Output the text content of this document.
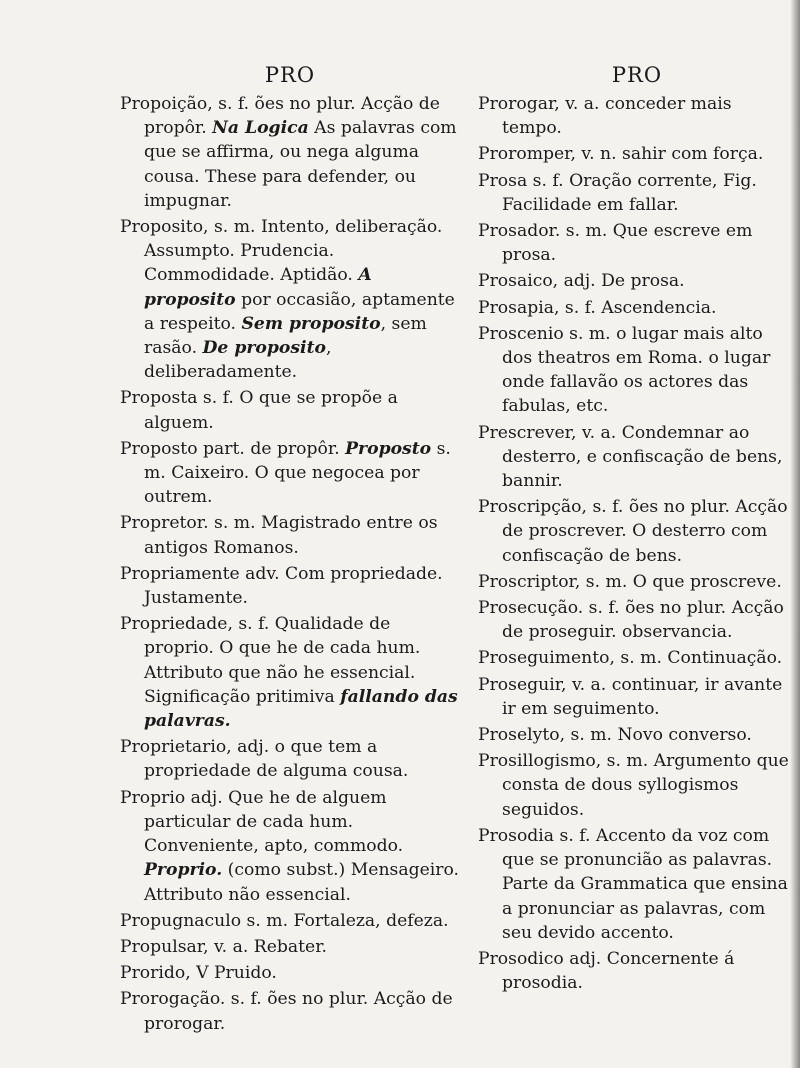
PRO

Propoição, s. f. ões no plur. Acção de propôr. Na Logica As palavras com que se affirma, ou nega alguma cousa. These para defender, ou impugnar.

Proposito, s. m. Intento, deliberação. Assumpto. Prudencia. Commodidade. Aptidão. A proposito por occasião, aptamente a respeito. Sem proposito, sem rasão. De proposito, deliberadamente.

Proposta s. f. O que se propõe a alguem.

Proposto part. de propôr. Proposto s. m. Caixeiro. O que negocea por outrem.

Propretor. s. m. Magistrado entre os antigos Romanos.

Propriamente adv. Com propriedade. Justamente.

Propriedade, s. f. Qualidade de proprio. O que he de cada hum. Attributo que não he essencial. Significação pritimiva fallando das palavras.

Proprietario, adj. o que tem a propriedade de alguma cousa.

Proprio adj. Que he de alguem particular de cada hum. Conveniente, apto, commodo. Proprio. (como subst.) Mensageiro. Attributo não essencial.

Propugnaculo s. m. Fortaleza, defeza.

Propulsar, v. a. Rebater.

Prorido, V Pruido.

Prorogação. s. f. ões no plur. Acção de prorogar.

PRO

Prorogar, v. a. conceder mais tempo.

Proromper, v. n. sahir com força.

Prosa s. f. Oração corrente, Fig. Facilidade em fallar.

Prosador. s. m. Que escreve em prosa.

Prosaico, adj. De prosa.

Prosapia, s. f. Ascendencia.

Proscenio s. m. o lugar mais alto dos theatros em Roma. o lugar onde fallavão os actores das fabulas, etc.

Prescrever, v. a. Condemnar ao desterro, e confiscação de bens, bannir.

Proscripção, s. f. ões no plur. Acção de proscrever. O desterro com confiscação de bens.

Proscriptor, s. m. O que proscreve.

Prosecução. s. f. ões no plur. Acção de proseguir. observancia.

Proseguimento, s. m. Continuação.

Proseguir, v. a. continuar, ir avante ir em seguimento.

Proselyto, s. m. Novo converso.

Prosillogismo, s. m. Argumento que consta de dous syllogismos seguidos.

Prosodia s. f. Accento da voz com que se pronuncião as palavras. Parte da Grammatica que ensina a pronunciar as palavras, com seu devido accento.

Prosodico adj. Concernente á prosodia.
